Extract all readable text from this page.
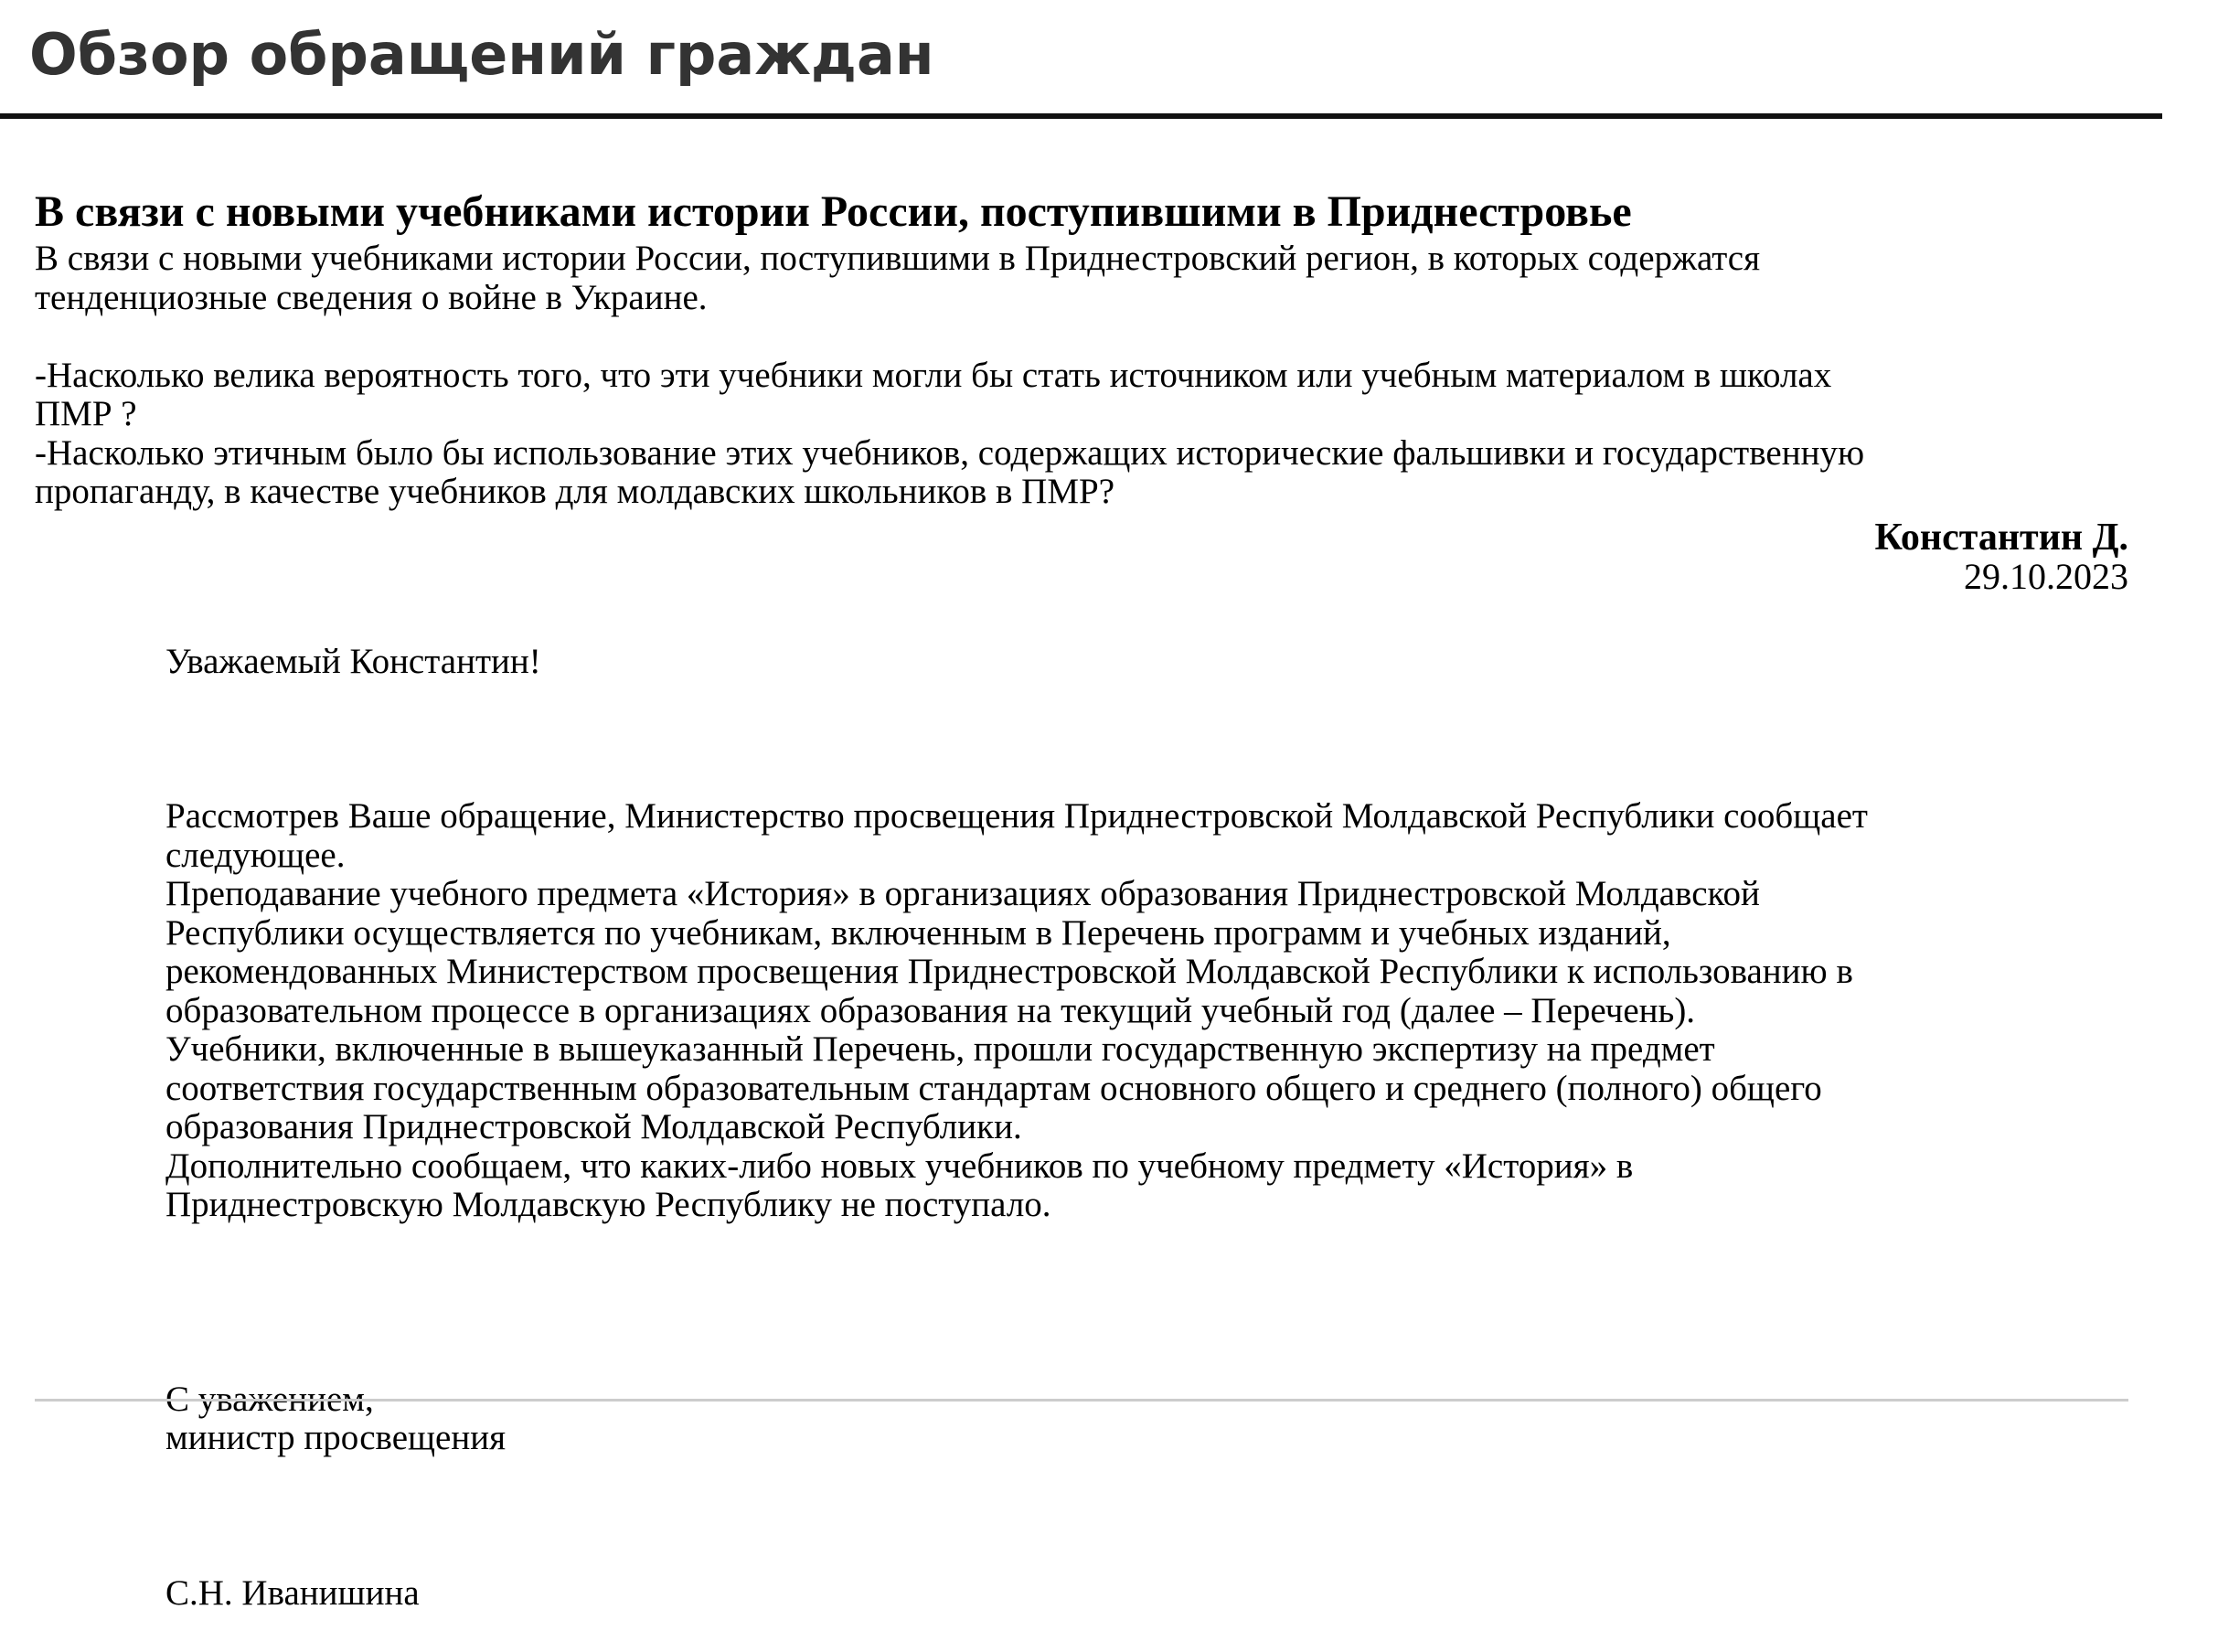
Обзор обращений граждан
В связи с новыми учебниками истории России, поступившими в Приднестровье

В связи с новыми учебниками истории России, поступившими в Приднестровский регион, в которых содержатся
тенденциозные сведения о войне в Украине.

-Насколько велика вероятность того, что эти учебники могли бы стать источником или учебным материалом в школах
ПМР ?
-Насколько этичным было бы использование этих учебников, содержащих исторические фальшивки и государственную
пропаганду, в качестве учебников для молдавских школьников в ПМР?

Константин Д.
29.10.2023

Уважаемый Константин!

Рассмотрев Ваше обращение, Министерство просвещения Приднестровской Молдавской Республики сообщает
следующее.
Преподавание учебного предмета «История» в организациях образования Приднестровской Молдавской
Республики осуществляется по учебникам, включенным в Перечень программ и учебных изданий,
рекомендованных Министерством просвещения Приднестровской Молдавской Республики к использованию в
образовательном процессе в организациях образования на текущий учебный год (далее – Перечень).
Учебники, включенные в вышеуказанный Перечень, прошли государственную экспертизу на предмет
соответствия государственным образовательным стандартам основного общего и среднего (полного) общего
образования Приднестровской Молдавской Республики.
Дополнительно сообщаем, что каких-либо новых учебников по учебному предмету «История» в
Приднестровскую Молдавскую Республику не поступало.

С уважением,
министр просвещения

С.Н. Иванишина
